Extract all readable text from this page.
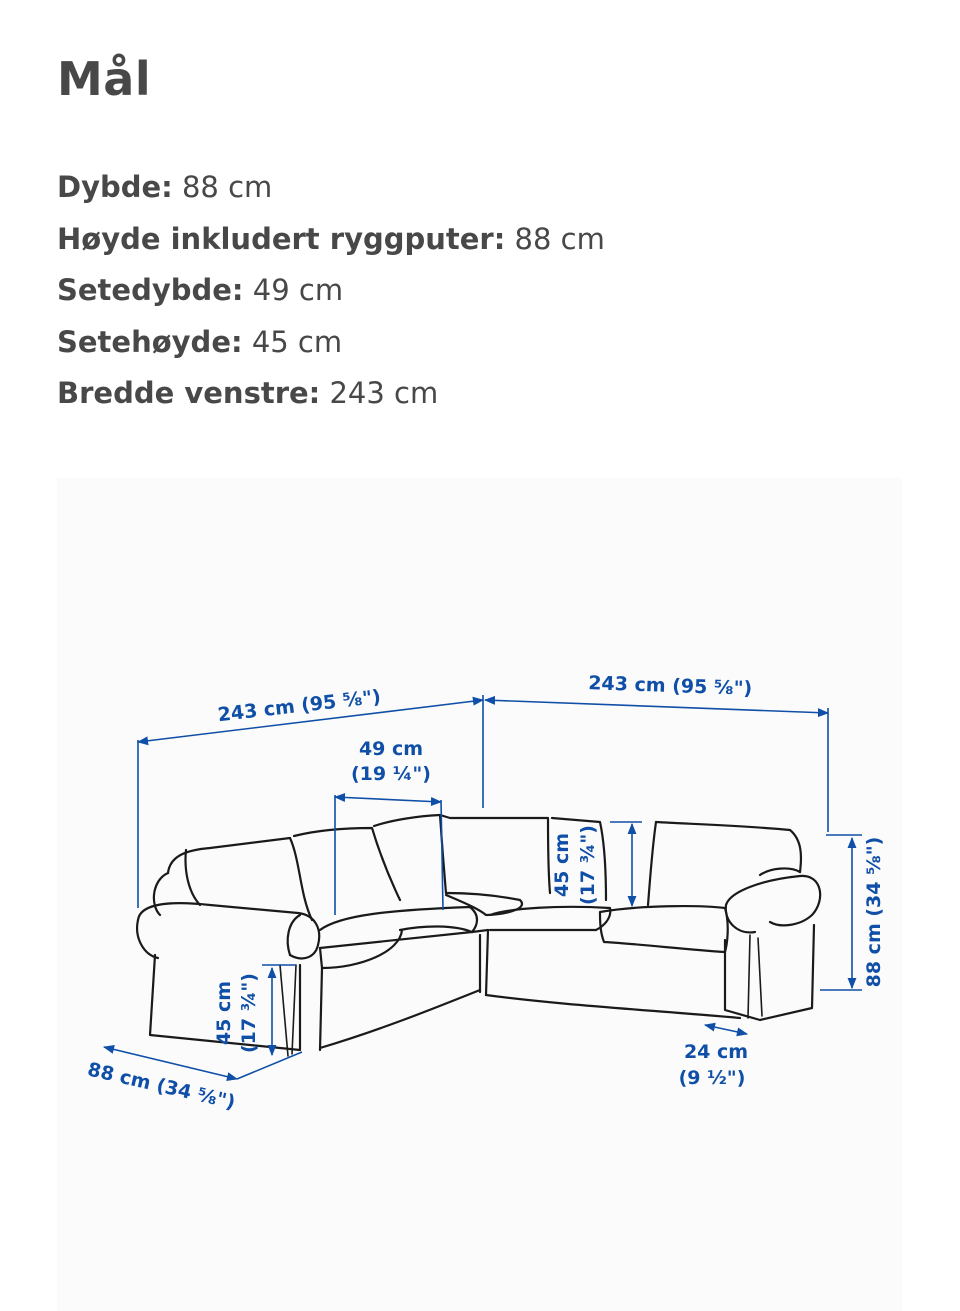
Mål
Dybde: 88 cm
Høyde inkludert ryggputer: 88 cm
Setedybde: 49 cm
Setehøyde: 45 cm
Bredde venstre: 243 cm
243 cm (95 ⅝")	243 cm (95 ⅝")
49 cm
(19 ¼")
45 cm (17 ¾")	88 cm (34 ⅝")
45 cm (17 ¾")
88 cm (34 ⅝")
24 cm
(9 ½")
